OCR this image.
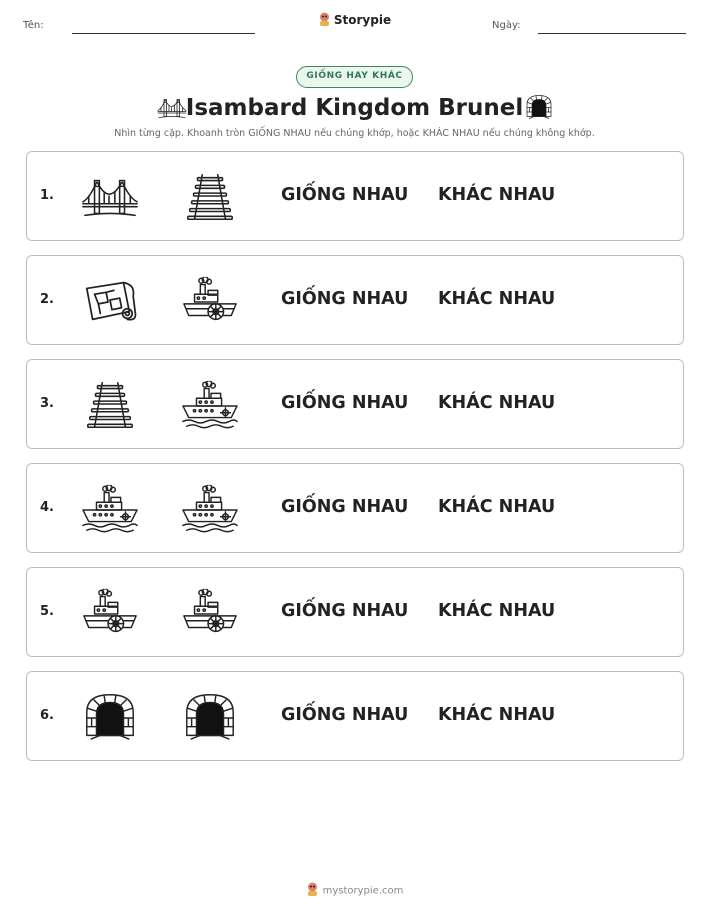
Tên:	Storypie	Ngày:
GIỐNG HAY KHÁC
Isambard Kingdom Brunel
Nhìn từng cặp. Khoanh tròn GIỐNG NHAU nếu chúng khớp, hoặc KHÁC NHAU nếu chúng không khớp.
1.	GIỐNG NHAU KHÁC NHAU
2.	GIỐNG NHAU KHÁC NHAU
3.	GIỐNG NHAU KHÁC NHAU
4.	GIỐNG NHAU KHÁC NHAU
5.	GIỐNG NHAU KHÁC NHAU
6.	GIỐNG NHAU KHÁC NHAU
mystorypie.com
